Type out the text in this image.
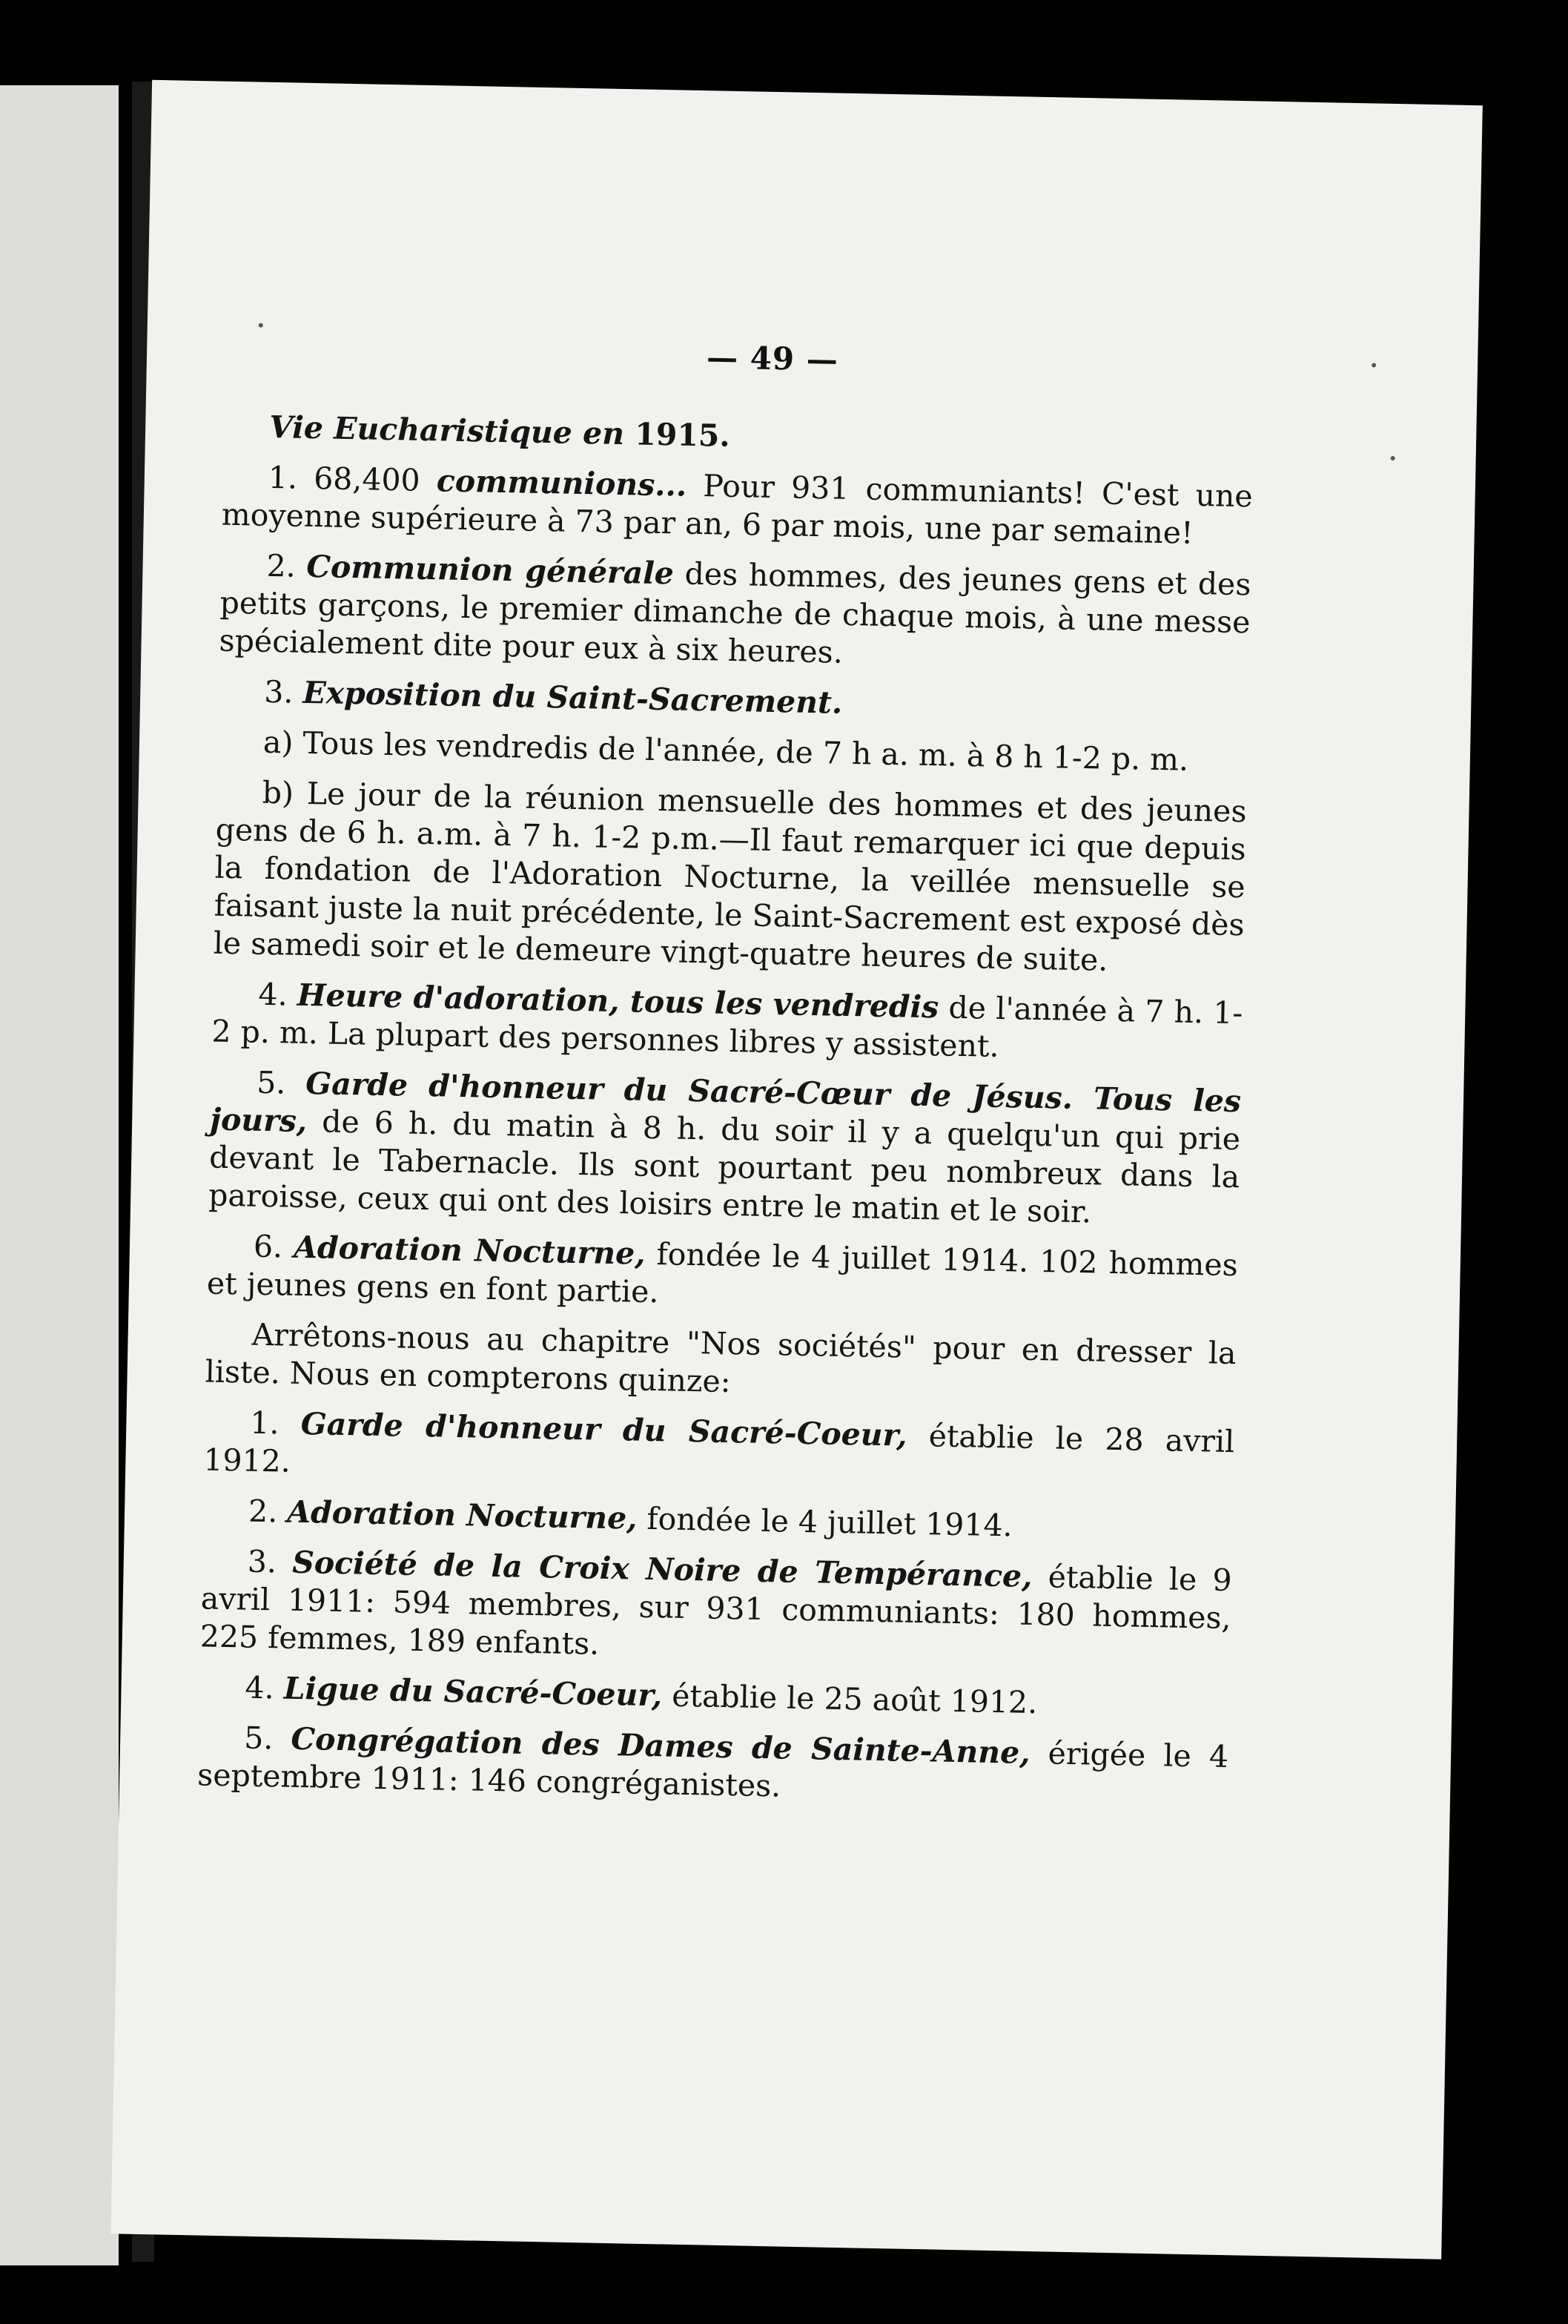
— 49 —

Vie Eucharistique en 1915.

1. 68,400 communions... Pour 931 communiants! C'est une moyenne supérieure à 73 par an, 6 par mois, une par semaine!

2. Communion générale des hommes, des jeunes gens et des petits garçons, le premier dimanche de chaque mois, à une messe spécialement dite pour eux à six heures.

3. Exposition du Saint-Sacrement.

a) Tous les vendredis de l'année, de 7 h a. m. à 8 h 1-2 p. m.

b) Le jour de la réunion mensuelle des hommes et des jeunes gens de 6 h. a.m. à 7 h. 1-2 p.m.—Il faut remarquer ici que depuis la fondation de l'Adoration Nocturne, la veillée mensuelle se faisant juste la nuit précédente, le Saint-Sacrement est exposé dès le samedi soir et le demeure vingt-quatre heures de suite.

4. Heure d'adoration, tous les vendredis de l'année à 7 h. 1-2 p. m. La plupart des personnes libres y assistent.

5. Garde d'honneur du Sacré-Cœur de Jésus. Tous les jours, de 6 h. du matin à 8 h. du soir il y a quelqu'un qui prie devant le Tabernacle. Ils sont pourtant peu nombreux dans la paroisse, ceux qui ont des loisirs entre le matin et le soir.

6. Adoration Nocturne, fondée le 4 juillet 1914. 102 hommes et jeunes gens en font partie.

Arrêtons-nous au chapitre "Nos sociétés" pour en dresser la liste. Nous en compterons quinze:

1. Garde d'honneur du Sacré-Coeur, établie le 28 avril 1912.

2. Adoration Nocturne, fondée le 4 juillet 1914.

3. Société de la Croix Noire de Tempérance, établie le 9 avril 1911: 594 membres, sur 931 communiants: 180 hommes, 225 femmes, 189 enfants.

4. Ligue du Sacré-Coeur, établie le 25 août 1912.

5. Congrégation des Dames de Sainte-Anne, érigée le 4 septembre 1911: 146 congréganistes.
